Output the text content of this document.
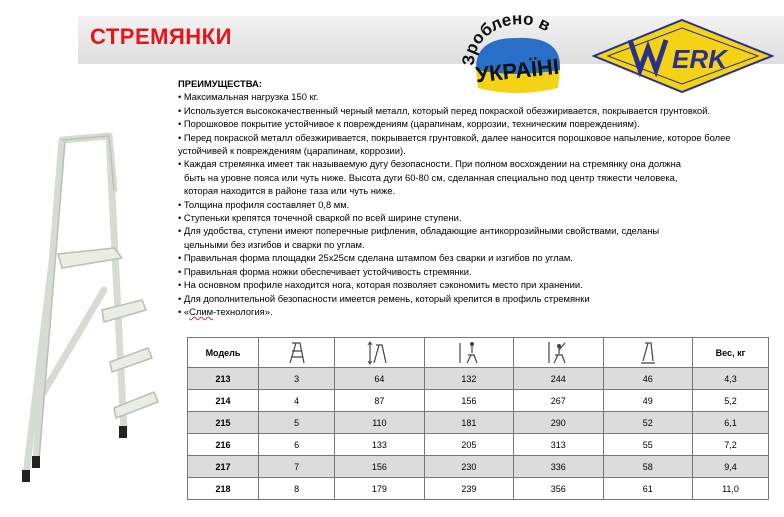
СТРЕМЯНКИ
Зроблено в
УКРАЇНІ	ERK

ПРЕИМУЩЕСТВА:

• Максимальная нагрузка 150 кг.

• Используется высококачественный черный металл, который перед покраской обезжиривается, покрывается грунтовкой.

• Порошковое покрытие устойчивое к повреждениям (царапинам, коррозии, техническим повреждениям).

• Перед покраской металл обезжиривается, покрывается грунтовкой, далее наносится порошковое напыление, которое более устойчивей к повреждениям (царапинам, коррозии).

• Каждая стремянка имеет так называемую дугу безопасности. При полном восхождении на стремянку она должна

быть на уровне пояса или чуть ниже. Высота дуги 60-80 см, сделанная специально под центр тяжести человека,

которая находится в районе таза или чуть ниже.

• Толщина профиля составляет 0,8 мм.

• Ступеньки крепятся точечной сваркой по всей ширине ступени.

• Для удобства, ступени имеют поперечные рифления, обладающие антикоррозийными свойствами, сделаны

цельными без изгибов и сварки по углам.

• Правильная форма площадки 25х25см сделана штампом без сварки и изгибов по углам.

• Правильная форма ножки обеспечивает устойчивость стремянки.

• На основном профиле находится нога, которая позволяет сэкономить место при хранении.

• Для дополнительной безопасности имеется ремень, который крепится в профиль стремянки

• «Слим-технология».

Модель						Вес, кг
213	3	64	132	244	46	4,3
214	4	87	156	267	49	5,2
215	5	110	181	290	52	6,1
216	6	133	205	313	55	7,2
217	7	156	230	336	58	9,4
218	8	179	239	356	61	11,0
